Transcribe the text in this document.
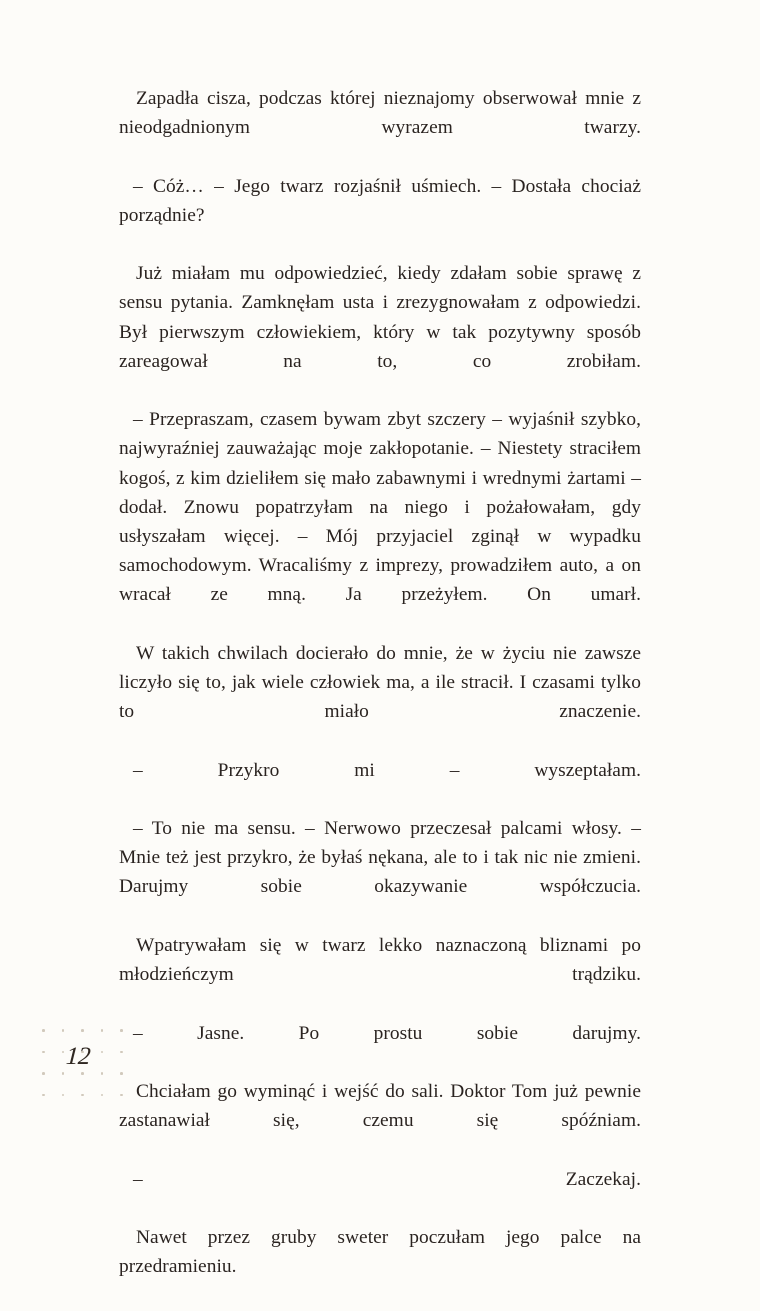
Zapadła cisza, podczas której nieznajomy obserwował mnie z nieodgadnionym wyrazem twarzy.

– Cóż… – Jego twarz rozjaśnił uśmiech. – Dostała chociaż porządnie?

Już miałam mu odpowiedzieć, kiedy zdałam sobie sprawę z sensu pytania. Zamknęłam usta i zrezygnowałam z odpowiedzi. Był pierwszym człowiekiem, który w tak pozytywny sposób zareagował na to, co zrobiłam.

– Przepraszam, czasem bywam zbyt szczery – wyjaśnił szybko, najwyraźniej zauważając moje zakłopotanie. – Niestety straciłem kogoś, z kim dzieliłem się mało zabawnymi i wrednymi żartami – dodał. Znowu popatrzyłam na niego i pożałowałam, gdy usłyszałam więcej. – Mój przyjaciel zginął w wypadku samochodowym. Wracaliśmy z imprezy, prowadziłem auto, a on wracał ze mną. Ja przeżyłem. On umarł.

W takich chwilach docierało do mnie, że w życiu nie zawsze liczyło się to, jak wiele człowiek ma, a ile stracił. I czasami tylko to miało znaczenie.

– Przykro mi – wyszeptałam.

– To nie ma sensu. – Nerwowo przeczesał palcami włosy. – Mnie też jest przykro, że byłaś nękana, ale to i tak nic nie zmieni. Darujmy sobie okazywanie współczucia.

Wpatrywałam się w twarz lekko naznaczoną bliznami po młodzieńczym trądziku.

– Jasne. Po prostu sobie darujmy.

Chciałam go wyminąć i wejść do sali. Doktor Tom już pewnie zastanawiał się, czemu się spóźniam.

– Zaczekaj.

Nawet przez gruby sweter poczułam jego palce na przedramieniu.

12
